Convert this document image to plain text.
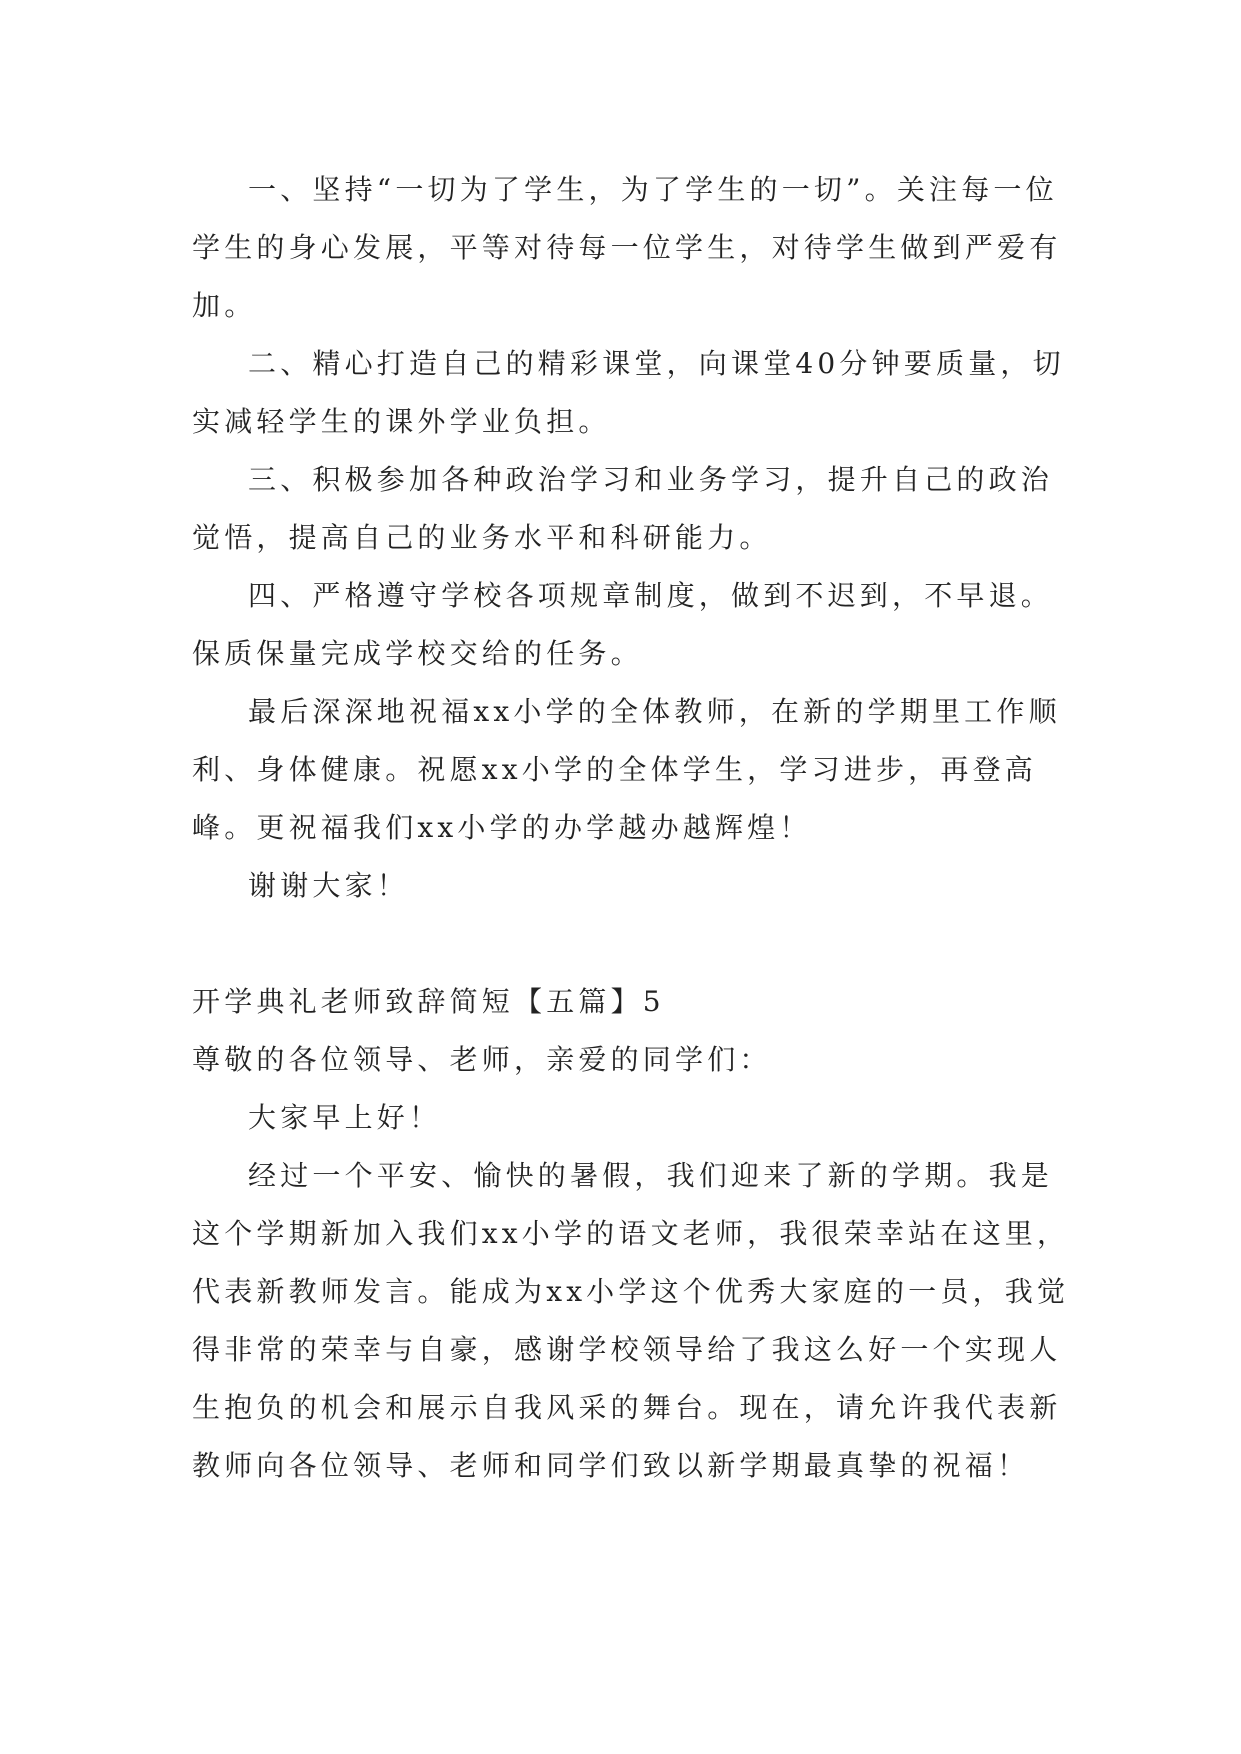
一、坚持“一切为了学生，为了学生的一切”。关注每一位学生的身心发展，平等对待每一位学生，对待学生做到严爱有加。

二、精心打造自己的精彩课堂，向课堂40分钟要质量，切实减轻学生的课外学业负担。

三、积极参加各种政治学习和业务学习，提升自己的政治觉悟，提高自己的业务水平和科研能力。

四、严格遵守学校各项规章制度，做到不迟到，不早退。保质保量完成学校交给的任务。

最后深深地祝福xx小学的全体教师，在新的学期里工作顺利、身体健康。祝愿xx小学的全体学生，学习进步，再登高峰。更祝福我们xx小学的办学越办越辉煌！

谢谢大家！

开学典礼老师致辞简短【五篇】5

尊敬的各位领导、老师，亲爱的同学们：

大家早上好！

经过一个平安、愉快的暑假，我们迎来了新的学期。我是这个学期新加入我们xx小学的语文老师，我很荣幸站在这里，代表新教师发言。能成为xx小学这个优秀大家庭的一员，我觉得非常的荣幸与自豪，感谢学校领导给了我这么好一个实现人生抱负的机会和展示自我风采的舞台。现在，请允许我代表新教师向各位领导、老师和同学们致以新学期最真挚的祝福！
